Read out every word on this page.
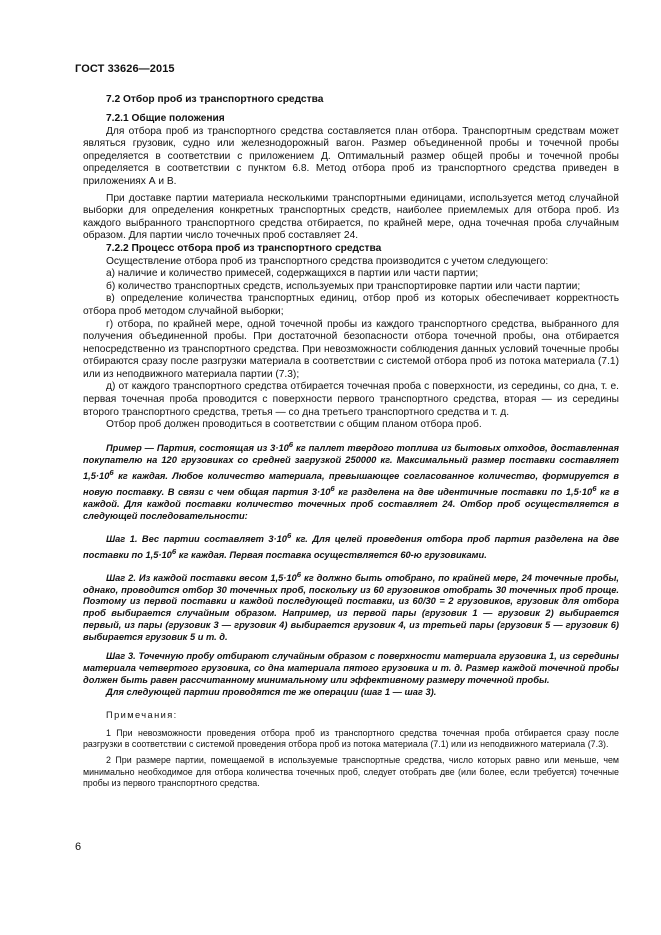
ГОСТ 33626—2015

7.2 Отбор проб из транспортного средства

7.2.1 Общие положения

Для отбора проб из транспортного средства составляется план отбора. Транспортным средствам может являться грузовик, судно или железнодорожный вагон. Размер объединенной пробы и точечной пробы определяется в соответствии с приложением Д. Оптимальный размер общей пробы и точечной пробы определяется в соответствии с пунктом 6.8. Метод отбора проб из транспортного средства приведен в приложениях А и В.

При доставке партии материала несколькими транспортными единицами, используется метод случайной выборки для определения конкретных транспортных средств, наиболее приемлемых для отбора проб. Из каждого выбранного транспортного средства отбирается, по крайней мере, одна точечная проба случайным образом. Для партии число точечных проб составляет 24.

7.2.2 Процесс отбора проб из транспортного средства

Осуществление отбора проб из транспортного средства производится с учетом следующего:

а) наличие и количество примесей, содержащихся в партии или части партии;

б) количество транспортных средств, используемых при транспортировке партии или части партии;

в) определение количества транспортных единиц, отбор проб из которых обеспечивает корректность отбора проб методом случайной выборки;

г) отбора, по крайней мере, одной точечной пробы из каждого транспортного средства, выбранного для получения объединенной пробы. При достаточной безопасности отбора точечной пробы, она отбирается непосредственно из транспортного средства. При невозможности соблюдения данных условий точечные пробы отбираются сразу после разгрузки материала в соответствии с системой отбора проб из потока материала (7.1) или из неподвижного материала партии (7.3);

д) от каждого транспортного средства отбирается точечная проба с поверхности, из середины, со дна, т. е. первая точечная проба проводится с поверхности первого транспортного средства, вторая — из середины второго транспортного средства, третья — со дна третьего транспортного средства и т. д.

Отбор проб должен проводиться в соответствии с общим планом отбора проб.

Пример — Партия, состоящая из $3\cdot 10^6$ кг паллет твердого топлива из бытовых отходов, доставленная покупателю на 120 грузовиках со средней загрузкой 250000 кг. Максимальный размер поставки составляет $1,5\cdot 10^6$ кг каждая. Любое количество материала, превышающее согласованное количество, формируется в новую поставку. В связи с чем общая партия $3\cdot 10^6$ кг разделена на две идентичные поставки по $1,5\cdot 10^6$ кг в каждой. Для каждой поставки количество точечных проб составляет 24. Отбор проб осуществляется в следующей последовательности:

Шаг 1. Вес партии составляет $3\cdot 10^6$ кг. Для целей проведения отбора проб партия разделена на две поставки по $1,5\cdot 10^6$ кг каждая. Первая поставка осуществляется 60-ю грузовиками.

Шаг 2. Из каждой поставки весом $1,5\cdot 10^6$ кг должно быть отобрано, по крайней мере, 24 точечные пробы, однако, проводится отбор 30 точечных проб, поскольку из 60 грузовиков отобрать 30 точечных проб проще. Поэтому из первой поставки и каждой последующей поставки, из 60/30 = 2 грузовиков, грузовик для отбора проб выбирается случайным образом. Например, из первой пары (грузовик 1 — грузовик 2) выбирается первый, из пары (грузовик 3 — грузовик 4) выбирается грузовик 4, из третьей пары (грузовик 5 — грузовик 6) выбирается грузовик 5 и т. д.

Шаг 3. Точечную пробу отбирают случайным образом с поверхности материала грузовика 1, из середины материала четвертого грузовика, со дна материала пятого грузовика и т. д. Размер каждой точечной пробы должен быть равен рассчитанному минимальному или эффективному размеру точечной пробы.

Для следующей партии проводятся те же операции (шаг 1 — шаг 3).

Примечания:

1 При невозможности проведения отбора проб из транспортного средства точечная проба отбирается сразу после разгрузки в соответствии с системой проведения отбора проб из потока материала (7.1) или из неподвижного материала (7.3).

2 При размере партии, помещаемой в используемые транспортные средства, число которых равно или меньше, чем минимально необходимое для отбора количества точечных проб, следует отобрать две (или более, если требуется) точечные пробы из первого транспортного средства.

6
